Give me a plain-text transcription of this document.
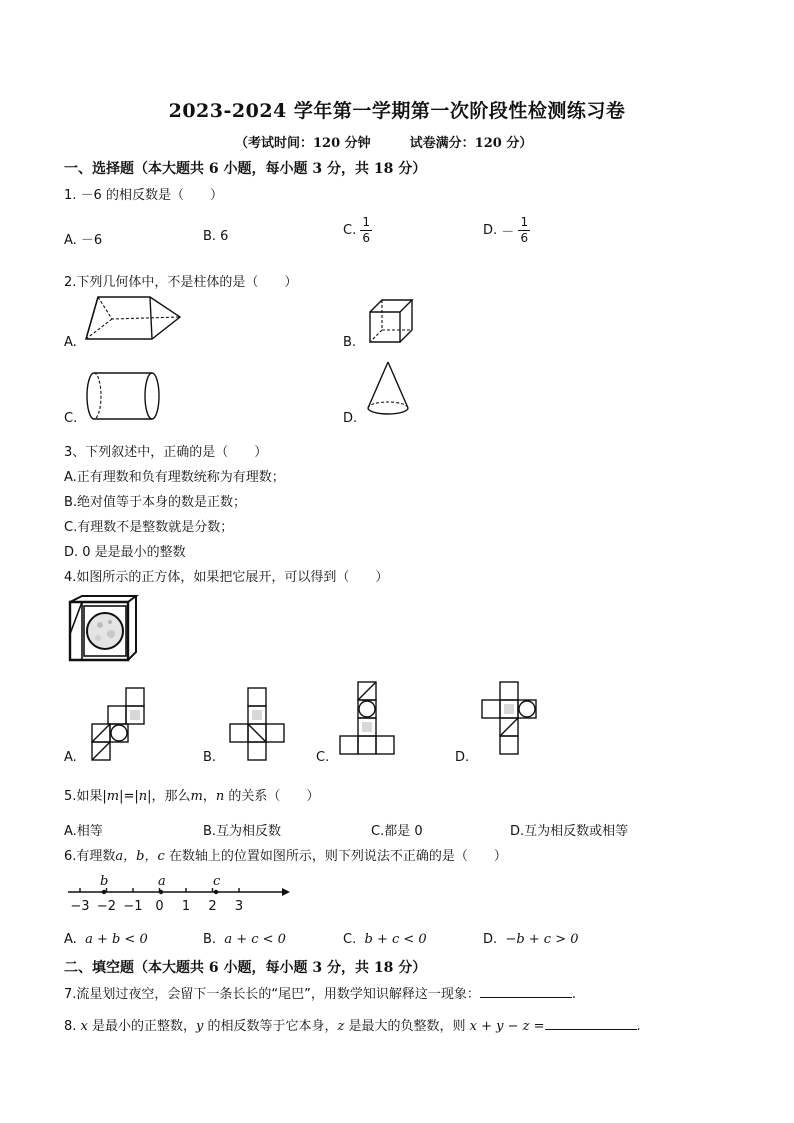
2023-2024 学年第一学期第一次阶段性检测练习卷
（考试时间：120 分钟　　　试卷满分：120 分）
一、选择题（本大题共 6 小题，每小题 3 分，共 18 分）
1. －6 的相反数是（　　）
A. －6	B. 6	C. $\frac{1}{6}$	D. － $\frac{1}{6}$
2.下列几何体中，不是柱体的是（　　）
A.	B.
C.	D.
3、下列叙述中，正确的是（　　）
A.正有理数和负有理数统称为有理数；
B.绝对值等于本身的数是正数；
C.有理数不是整数就是分数；
D. 0 是是最小的整数
4.如图所示的正方体，如果把它展开，可以得到（　　）
A.	B.	C.	D.
5.如果|m|=|n|，那么m，n 的关系（　　）
A.相等	B.互为相反数	C.都是 0	D.互为相反数或相等
6.有理数a，b，c 在数轴上的位置如图所示，则下列说法不正确的是（　　）
−3 −2 −1 0 1 2 3
b	a	c
A. a + b < 0	B. a + c < 0	C. b + c < 0	D. −b + c > 0
二、填空题（本大题共 6 小题，每小题 3 分，共 18 分）
7.流星划过夜空，会留下一条长长的“尾巴”，用数学知识解释这一现象：	.
8. x 是最小的正整数，y 的相反数等于它本身，z 是最大的负整数，则 x + y − z =	.
